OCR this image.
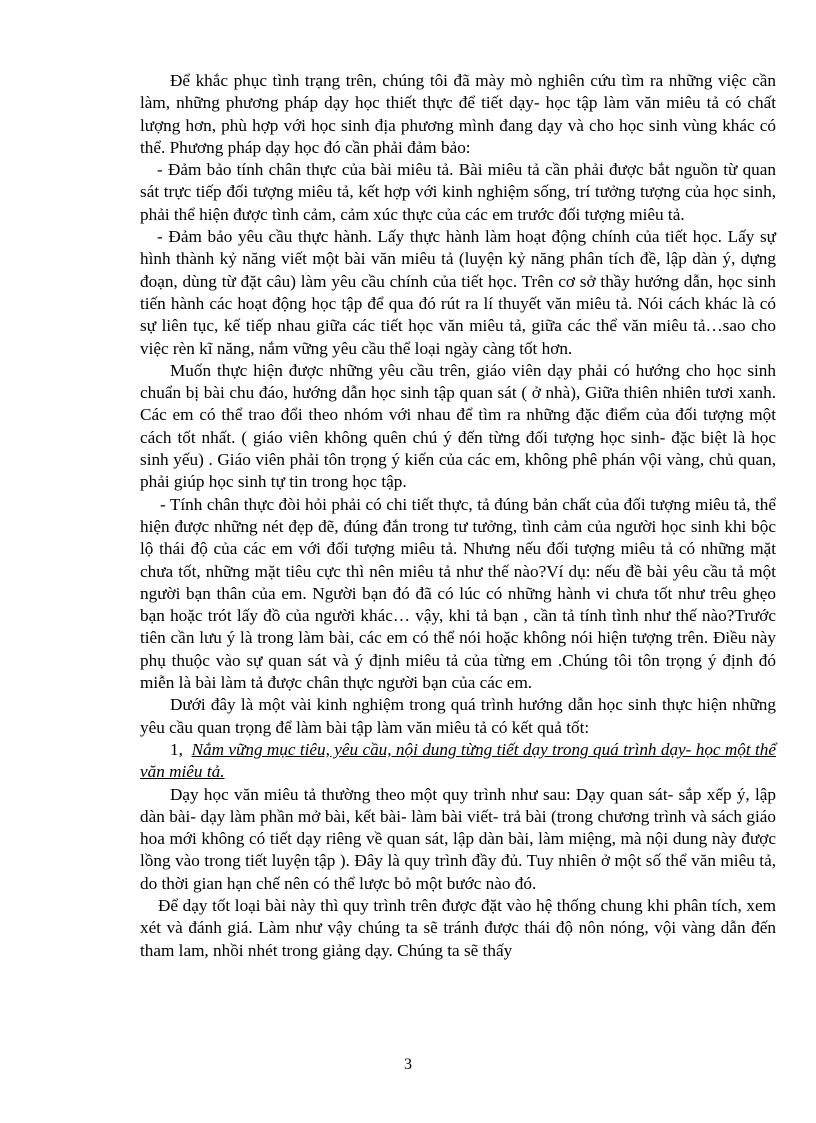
Để khắc phục tình trạng trên, chúng tôi đã mày mò nghiên cứu tìm ra những việc cần làm, những phương pháp dạy học thiết thực để tiết dạy- học tập làm văn miêu tả có chất lượng hơn, phù hợp với học sinh địa phương mình đang dạy và cho học sinh vùng khác có thể. Phương pháp dạy học đó cần phải đảm bảo:

- Đảm bảo tính chân thực của bài miêu tả. Bài miêu tả cần phải được bắt nguồn từ quan sát trực tiếp đối tượng miêu tả, kết hợp với kinh nghiệm sống, trí tưởng tượng của học sinh, phải thể hiện được tình cảm, cảm xúc thực của các em trước đối tượng miêu tả.

- Đảm bảo yêu cầu thực hành. Lấy thực hành làm hoạt động chính của tiết học. Lấy sự hình thành kỷ năng viết một bài văn miêu tả (luyện kỷ năng phân tích đề, lập dàn ý, dựng đoạn, dùng từ đặt câu) làm yêu cầu chính của tiết học. Trên cơ sở thầy hướng dẫn, học sinh tiến hành các hoạt động học tập để qua đó rút ra lí thuyết văn miêu tả. Nói cách khác là có sự liên tục, kế tiếp nhau giữa các tiết học văn miêu tả, giữa các thể văn miêu tả…sao cho việc rèn kĩ năng, nắm vững yêu cầu thể loại ngày càng tốt hơn.

Muốn thực hiện được những yêu cầu trên, giáo viên dạy phải có hướng cho học sinh chuẩn bị bài chu đáo, hướng dẫn học sinh tập quan sát ( ở nhà), Giữa thiên nhiên tươi xanh. Các em có thể trao đổi theo nhóm với nhau để tìm ra những đặc điểm của đối tượng một cách tốt nhất. ( giáo viên không quên chú ý đến từng đối tượng học sinh- đặc biệt là học sinh yếu) . Giáo viên phải tôn trọng ý kiến của các em, không phê phán vội vàng, chủ quan, phải giúp học sinh tự tin trong học tập.

- Tính chân thực đòi hỏi phải có chi tiết thực, tả đúng bản chất của đối tượng miêu tả, thể hiện được những nét đẹp đẽ, đúng đắn trong tư tưởng, tình cảm của người học sinh khi bộc lộ thái độ của các em với đối tượng miêu tả. Nhưng nếu đối tượng miêu tả có những mặt chưa tốt, những mặt tiêu cực thì nên miêu tả như thế nào?Ví dụ: nếu đề bài yêu cầu tả một người bạn thân của em. Người bạn đó đã có lúc có những hành vi chưa tốt như trêu ghẹo bạn hoặc trót lấy đồ của người khác… vậy, khi tả bạn , cần tả tính tình như thế nào?Trước tiên cần lưu ý là trong làm bài, các em có thể nói hoặc không nói hiện tượng trên. Điều này phụ thuộc vào sự quan sát và ý định miêu tả của từng em .Chúng tôi tôn trọng ý định đó miễn là bài làm tả được chân thực người bạn của các em.

Dưới đây là một vài kinh nghiệm trong quá trình hướng dẫn học sinh thực hiện những yêu cầu quan trọng để làm bài tập làm văn miêu tả có kết quả tốt:

1, Nắm vững mục tiêu, yêu cầu, nội dung từng tiết dạy trong quá trình dạy- học một thể văn miêu tả.

Dạy học văn miêu tả thường theo một quy trình như sau: Dạy quan sát- sắp xếp ý, lập dàn bài- dạy làm phần mở bài, kết bài- làm bài viết- trả bài (trong chương trình và sách giáo hoa mới không có tiết dạy riêng về quan sát, lập dàn bài, làm miệng, mà nội dung này được lồng vào trong tiết luyện tập ). Đây là quy trình đầy đủ. Tuy nhiên ở một số thể văn miêu tả, do thời gian hạn chế nên có thể lược bỏ một bước nào đó.

Để dạy tốt loại bài này thì quy trình trên được đặt vào hệ thống chung khi phân tích, xem xét và đánh giá. Làm như vậy chúng ta sẽ tránh được thái độ nôn nóng, vội vàng dẫn đến tham lam, nhồi nhét trong giảng dạy. Chúng ta sẽ thấy

3
